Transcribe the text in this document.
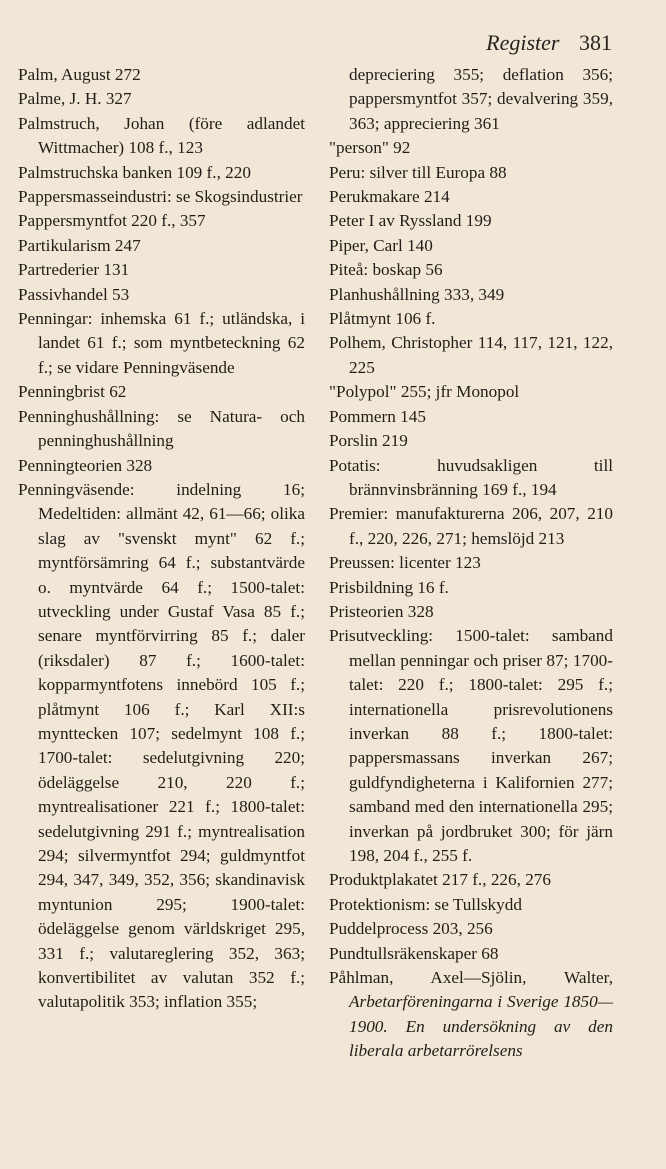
Register 381
Palm, August 272
Palme, J. H. 327
Palmstruch, Johan (före adlandet Wittmacher) 108 f., 123
Palmstruchska banken 109 f., 220
Pappersmasseindustri: se Skogsindustrier
Pappersmyntfot 220 f., 357
Partikularism 247
Partrederier 131
Passivhandel 53
Penningar: inhemska 61 f.; utländska, i landet 61 f.; som myntbeteckning 62 f.; se vidare Penningväsende
Penningbrist 62
Penninghushållning: se Natura- och penninghushållning
Penningteorien 328
Penningväsende: indelning 16; Medeltiden: allmänt 42, 61—66; olika slag av "svenskt mynt" 62 f.; myntförsämring 64 f.; substantvärde o. myntvärde 64 f.; 1500-talet: utveckling under Gustaf Vasa 85 f.; senare myntförvirring 85 f.; daler (riksdaler) 87 f.; 1600-talet: kopparmyntfotens innebörd 105 f.; plåtmynt 106 f.; Karl XII:s mynttecken 107; sedelmynt 108 f.; 1700-talet: sedelutgivning 220; ödeläggelse 210, 220 f.; myntrealisationer 221 f.; 1800-talet: sedelutgivning 291 f.; myntrealisation 294; silvermyntfot 294; guldmyntfot 294, 347, 349, 352, 356; skandinavisk myntunion 295; 1900-talet: ödeläggelse genom världskriget 295, 331 f.; valutareglering 352, 363; konvertibilitet av valutan 352 f.; valutapolitik 353; inflation 355;
depreciering 355; deflation 356; pappersmyntfot 357; devalvering 359, 363; appreciering 361
"person" 92
Peru: silver till Europa 88
Perukmakare 214
Peter I av Ryssland 199
Piper, Carl 140
Piteå: boskap 56
Planhushållning 333, 349
Plåtmynt 106 f.
Polhem, Christopher 114, 117, 121, 122, 225
"Polypol" 255; jfr Monopol
Pommern 145
Porslin 219
Potatis: huvudsakligen till brännvinsbränning 169 f., 194
Premier: manufakturerna 206, 207, 210 f., 220, 226, 271; hemslöjd 213
Preussen: licenter 123
Prisbildning 16 f.
Pristeorien 328
Prisutveckling: 1500-talet: samband mellan penningar och priser 87; 1700-talet: 220 f.; 1800-talet: 295 f.; internationella prisrevolutionens inverkan 88 f.; 1800-talet: pappersmassans inverkan 267; guldfyndigheterna i Kalifornien 277; samband med den internationella 295; inverkan på jordbruket 300; för järn 198, 204 f., 255 f.
Produktplakatet 217 f., 226, 276
Protektionism: se Tullskydd
Puddelprocess 203, 256
Pundtullsräkenskaper 68
Påhlman, Axel—Sjölin, Walter, Arbetarföreningarna i Sverige 1850—1900. En undersökning av den liberala arbetarrörelsens
